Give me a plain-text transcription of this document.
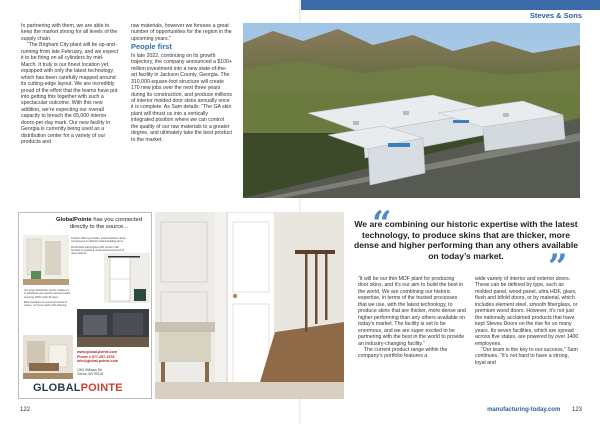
Steves & Sons

In partnering with them, we are able to keep the market strong for all levels of the supply chain.

“The Brigham City plant will be up-and-running from late February, and we expect it to be firing on all cylinders by mid-March. It truly is our finest location yet, equipped with only the latest technology, which has been carefully mapped around its cutting-edge layout. We are incredibly proud of the effort that the teams have put into getting this together with such a spectacular outcome. With this new addition, we’re expecting our overall capacity to breach the 65,000 interior doors-per-day mark. Our new facility in Georgia is currently being used as a distribution center for a variety of our products and

raw materials, however we foresee a great number of opportunities for the region in the upcoming years.”

People first

In late 2022, continuing on its growth trajectory, the company announced a $100+ million investment into a new state-of-the-art facility in Jackson County, Georgia. The 310,000-square-foot structure will create 170 new jobs over the next three years during its construction, and produce millions of interior molded door skins annually once it is complete. As Sam details: “The GA skin plant will thrust us into a vertically integrated position where we can control the quality of our raw materials to a greater degree, and ultimately take the best product to the market.

GlobalPointe has you connected directly to the source...
Product offering includes: Interior/exterior doors, components & millwork related building items.
World-wide partnerships with proven mills focused on quality & continual development of new products.
Our large distribution center enables us to withstand your growing demand while ensuring 100% order fill rates.
Built reputation on personal service & values, our focus starts with listening.
www.global-pointe.com
Phone # 877-257-1978
info@global-pointe.com
1000 Williams Rd.
Genoa, WV 55128
GLOBALPOINTE
“
We are combining our historic expertise with the latest technology, to produce skins that are thicker, more dense and higher performing than any others available on today’s market.	”

“It will be our thin MDF plant for producing door skins, and it’s our aim to build the best in the world. We are combining our historic expertise, in terms of the trusted processes that we use, with the latest technology, to produce skins that are thicker, more dense and higher performing than any others available on today’s market. The facility is set to be enormous, and we are super excited to be partnering with the best in the world to provide an industry-changing facility.”

The current product range within the company’s portfolio features a

wide variety of interior and exterior doors. These can be defined by type, such as molded panel, wood panel, ultra HDF, glass, flush and bifold doors, or by material, which includes element steel, smooth fiberglass, or premium wood doors. However, it’s not just the nationally acclaimed products that have kept Steves Doors on the rise for so many years. Its seven facilities, which are spread across five states, are powered by over 1400 employees.

“Our team is the key to our success,” Sam continues. “It’s not hard to have a strong, loyal and

122	manufacturing-today.com 123
